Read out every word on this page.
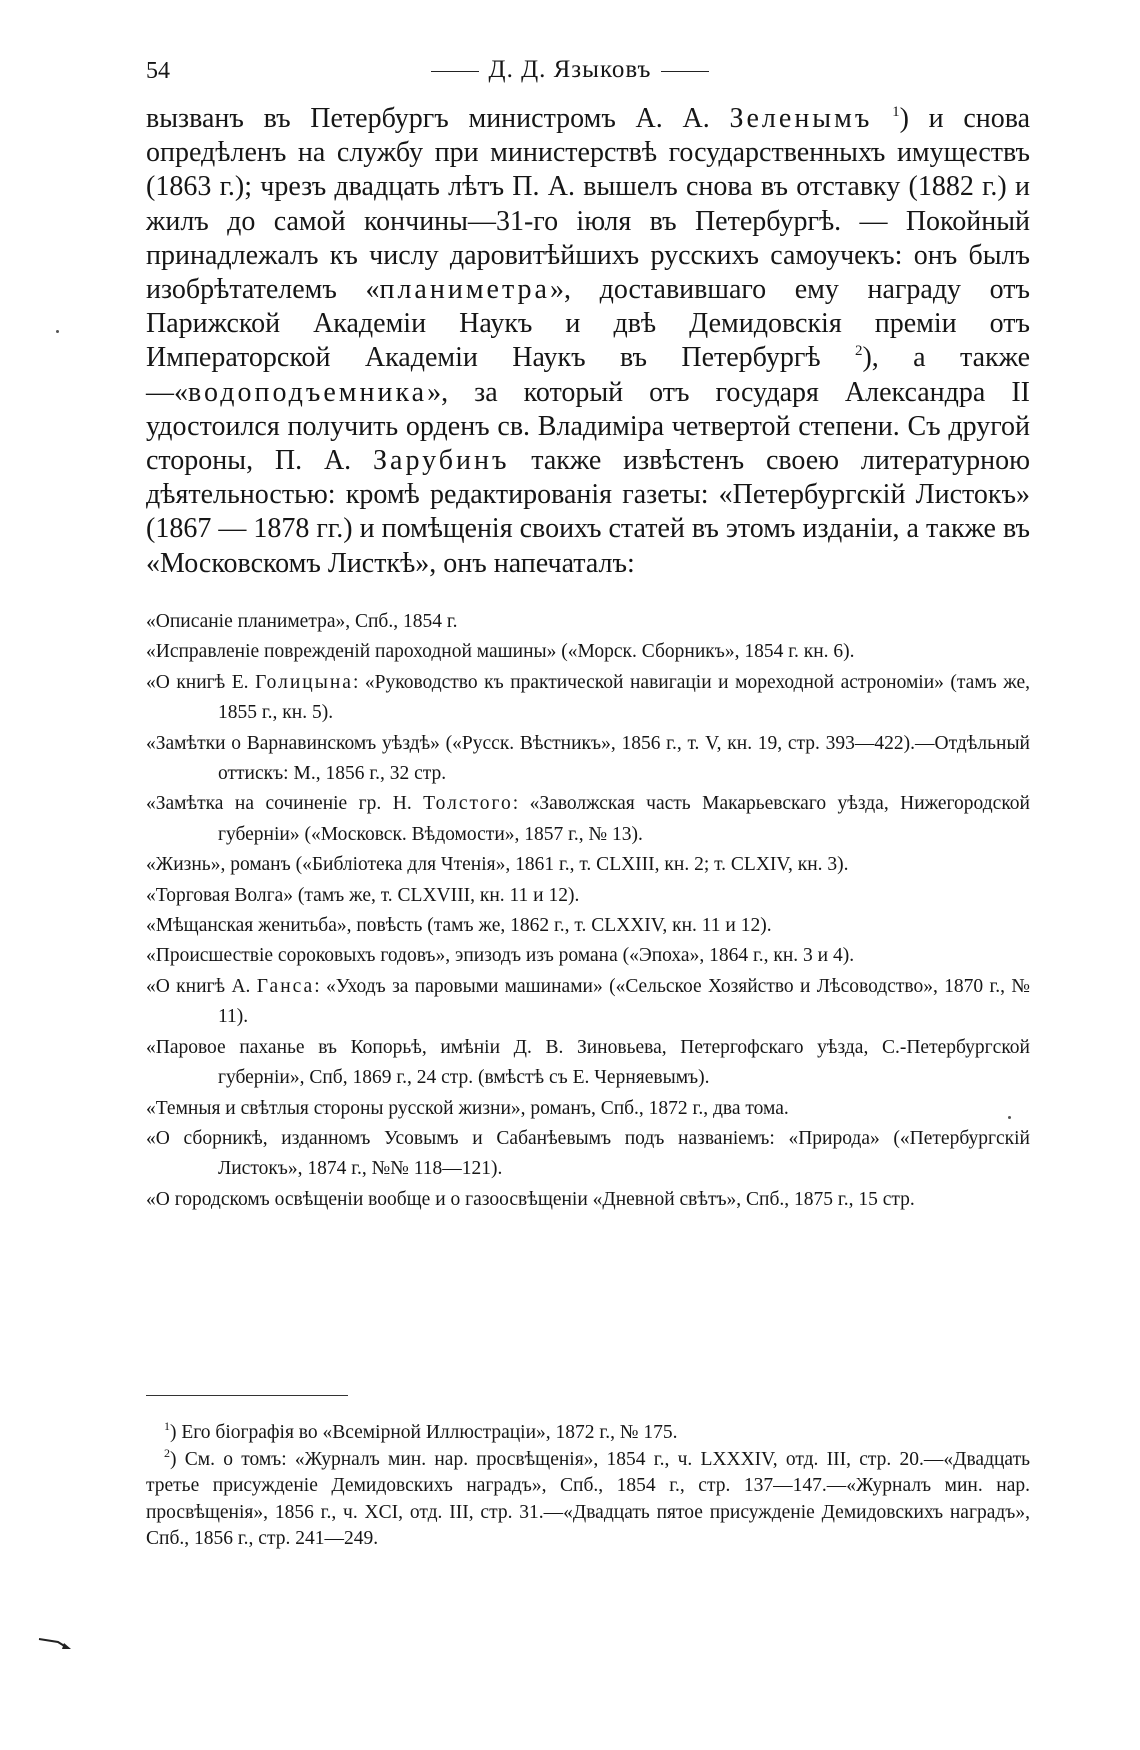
54	Д. Д. Языковъ

вызванъ въ Петербургъ министромъ А. А. Зеленымъ $^1$) и снова опредѣленъ на службу при министерствѣ государственныхъ имуществъ (1863 г.); чрезъ двадцать лѣтъ П. А. вышелъ снова въ отставку (1882 г.) и жилъ до самой кончины—31-го іюля въ Петербургѣ. — Покойный принадлежалъ къ числу даровитѣйшихъ русскихъ самоучекъ: онъ былъ изобрѣтателемъ «планиметра», доставившаго ему награду отъ Парижской Академіи Наукъ и двѣ Демидовскія преміи отъ Императорской Академіи Наукъ въ Петербургѣ $^2$), а также—«водоподъемника», за который отъ государя Александра II удостоился получить орденъ св. Владиміра четвертой степени. Съ другой стороны, П. А. Зарубинъ также извѣстенъ своею литературною дѣятельностью: кромѣ редактированія газеты: «Петербургскій Листокъ» (1867 — 1878 гг.) и помѣщенія своихъ статей въ этомъ изданіи, а также въ «Московскомъ Листкѣ», онъ напечаталъ:

«Описаніе планиметра», Спб., 1854 г.

«Исправленіе поврежденій пароходной машины» («Морск. Сборникъ», 1854 г. кн. 6).

«О книгѣ Е. Голицына: «Руководство къ практической навигаціи и мореходной астрономіи» (тамъ же, 1855 г., кн. 5).

«Замѣтки о Варнавинскомъ уѣздѣ» («Русск. Вѣстникъ», 1856 г., т. V, кн. 19, стр. 393—422).—Отдѣльный оттискъ: М., 1856 г., 32 стр.

«Замѣтка на сочиненіе гр. Н. Толстого: «Заволжская часть Макарьевскаго уѣзда, Нижегородской губерніи» («Московск. Вѣдомости», 1857 г., № 13).

«Жизнь», романъ («Библіотека для Чтенія», 1861 г., т. CLXIII, кн. 2; т. CLXIV, кн. 3).

«Торговая Волга» (тамъ же, т. CLXVIII, кн. 11 и 12).

«Мѣщанская женитьба», повѣсть (тамъ же, 1862 г., т. CLXXIV, кн. 11 и 12).

«Происшествіе сороковыхъ годовъ», эпизодъ изъ романа («Эпоха», 1864 г., кн. 3 и 4).

«О книгѣ А. Ганса: «Уходъ за паровыми машинами» («Сельское Хозяйство и Лѣсоводство», 1870 г., № 11).

«Паровое паханье въ Копорьѣ, имѣніи Д. В. Зиновьева, Петергофскаго уѣзда, С.-Петербургской губерніи», Спб, 1869 г., 24 стр. (вмѣстѣ съ Е. Черняевымъ).

«Темныя и свѣтлыя стороны русской жизни», романъ, Спб., 1872 г., два тома.

«О сборникѣ, изданномъ Усовымъ и Сабанѣевымъ подъ названіемъ: «Природа» («Петербургскій Листокъ», 1874 г., №№ 118—121).

«О городскомъ освѣщеніи вообще и о газоосвѣщеніи «Дневной свѣтъ», Спб., 1875 г., 15 стр.

$^1$) Его біографія во «Всемірной Иллюстраціи», 1872 г., № 175.

$^2$) См. о томъ: «Журналъ мин. нар. просвѣщенія», 1854 г., ч. LXXXIV, отд. III, стр. 20.—«Двадцать третье присужденіе Демидовскихъ наградъ», Спб., 1854 г., стр. 137—147.—«Журналъ мин. нар. просвѣщенія», 1856 г., ч. XCI, отд. III, стр. 31.—«Двадцать пятое присужденіе Демидовскихъ наградъ», Спб., 1856 г., стр. 241—249.
